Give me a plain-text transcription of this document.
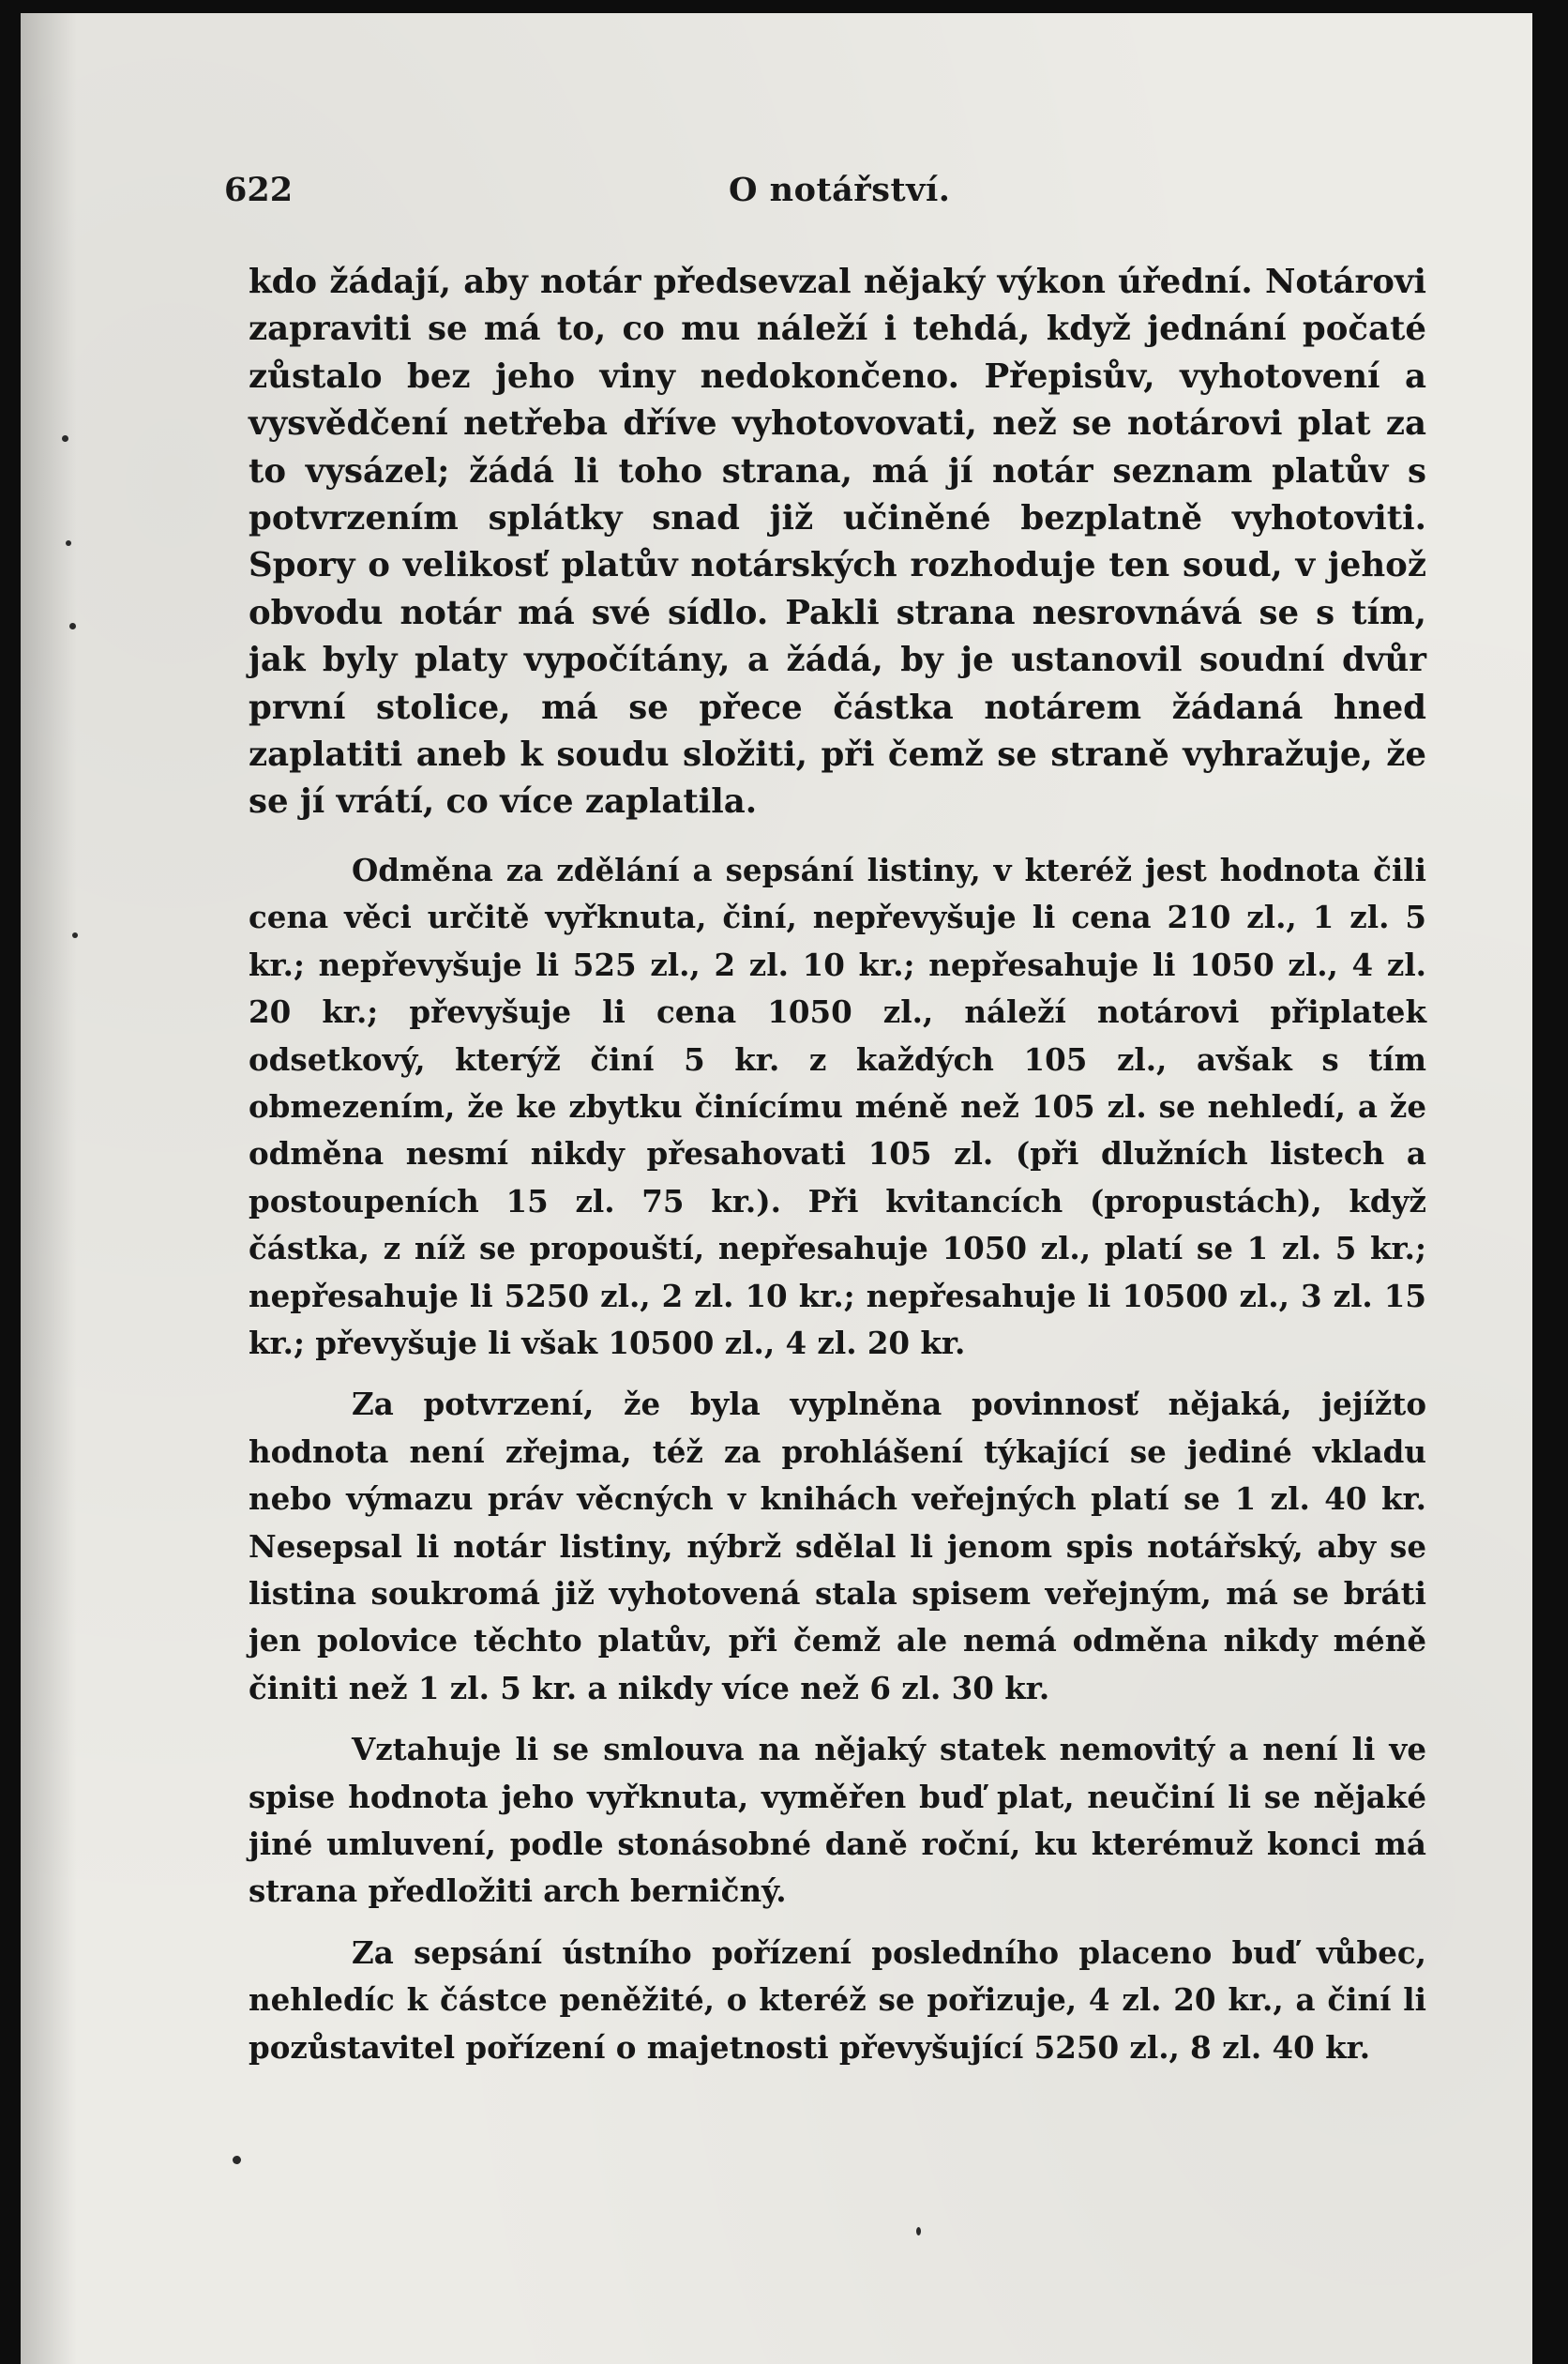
622	O notářství.

kdo žádají, aby notár předsevzal nějaký výkon úřední. Notárovi zapraviti se má to, co mu náleží i tehdá, když jednání počaté zůstalo bez jeho viny nedokončeno. Přepisův, vyhotovení a vysvědčení netřeba dříve vyhotovovati, než se notárovi plat za to vysázel; žádá li toho strana, má jí notár seznam platův s potvrzením splátky snad již učiněné bezplatně vyhotoviti. Spory o velikosť platův notárských rozhoduje ten soud, v jehož obvodu notár má své sídlo. Pakli strana nesrovnává se s tím, jak byly platy vypočítány, a žádá, by je ustanovil soudní dvůr první stolice, má se přece částka notárem žádaná hned zaplatiti aneb k soudu složiti, při čemž se straně vyhražuje, že se jí vrátí, co více zaplatila.

Odměna za zdělání a sepsání listiny, v kteréž jest hodnota čili cena věci určitě vyřknuta, činí, nepřevyšuje li cena 210 zl., 1 zl. 5 kr.; nepřevyšuje li 525 zl., 2 zl. 10 kr.; nepřesahuje li 1050 zl., 4 zl. 20 kr.; převyšuje li cena 1050 zl., náleží notárovi připlatek odsetkový, kterýž činí 5 kr. z každých 105 zl., avšak s tím obmezením, že ke zbytku činícímu méně než 105 zl. se nehledí, a že odměna nesmí nikdy přesahovati 105 zl. (při dlužních listech a postoupeních 15 zl. 75 kr.). Při kvitancích (propustách), když částka, z níž se propouští, nepřesahuje 1050 zl., platí se 1 zl. 5 kr.; nepřesahuje li 5250 zl., 2 zl. 10 kr.; nepřesahuje li 10500 zl., 3 zl. 15 kr.; převyšuje li však 10500 zl., 4 zl. 20 kr.

Za potvrzení, že byla vyplněna povinnosť nějaká, jejížto hodnota není zřejma, též za prohlášení týkající se jediné vkladu nebo výmazu práv věcných v knihách veřejných platí se 1 zl. 40 kr. Nesepsal li notár listiny, nýbrž sdělal li jenom spis notářský, aby se listina soukromá již vyhotovená stala spisem veřejným, má se bráti jen polovice těchto platův, při čemž ale nemá odměna nikdy méně činiti než 1 zl. 5 kr. a nikdy více než 6 zl. 30 kr.

Vztahuje li se smlouva na nějaký statek nemovitý a není li ve spise hodnota jeho vyřknuta, vyměřen buď plat, neučiní li se nějaké jiné umluvení, podle stonásobné daně roční, ku kterémuž konci má strana předložiti arch berničný.

Za sepsání ústního pořízení posledního placeno buď vůbec, nehledíc k částce peněžité, o kteréž se pořizuje, 4 zl. 20 kr., a činí li pozůstavitel pořízení o majetnosti převyšující 5250 zl., 8 zl. 40 kr.
